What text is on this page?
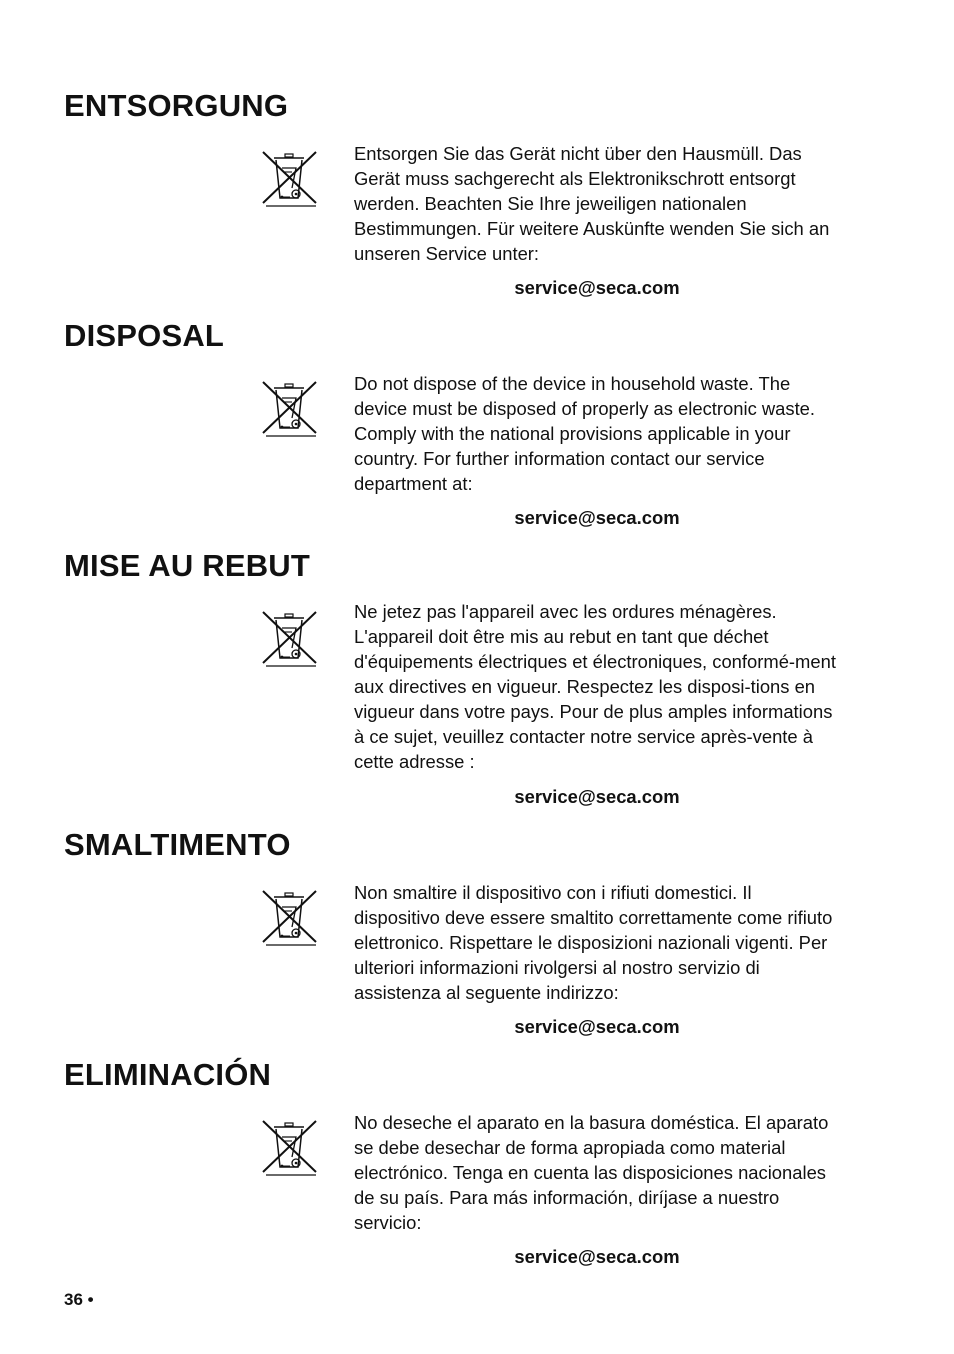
ENTSORGUNG

Entsorgen Sie das Gerät nicht über den Hausmüll. Das Gerät muss sachgerecht als Elektronikschrott entsorgt werden. Beachten Sie Ihre jeweiligen nationalen Bestimmungen. Für weitere Auskünfte wenden Sie sich an unseren Service unter:

service@seca.com
DISPOSAL

Do not dispose of the device in household waste. The device must be disposed of properly as electronic waste. Comply with the national provisions applicable in your country. For further information contact our service department at:

service@seca.com
MISE AU REBUT

Ne jetez pas l'appareil avec les ordures ménagères. L'appareil doit être mis au rebut en tant que déchet d'équipements électriques et électroniques, conformé-ment aux directives en vigueur. Respectez les disposi-tions en vigueur dans votre pays. Pour de plus amples informations à ce sujet, veuillez contacter notre service après-vente à cette adresse :

service@seca.com
SMALTIMENTO

Non smaltire il dispositivo con i rifiuti domestici. Il dispositivo deve essere smaltito correttamente come rifiuto elettronico. Rispettare le disposizioni nazionali vigenti. Per ulteriori informazioni rivolgersi al nostro servizio di assistenza al seguente indirizzo:

service@seca.com
ELIMINACIÓN

No deseche el aparato en la basura doméstica. El aparato se debe desechar de forma apropiada como material electrónico. Tenga en cuenta las disposiciones nacionales de su país. Para más información, diríjase a nuestro servicio:

service@seca.com
36 •
